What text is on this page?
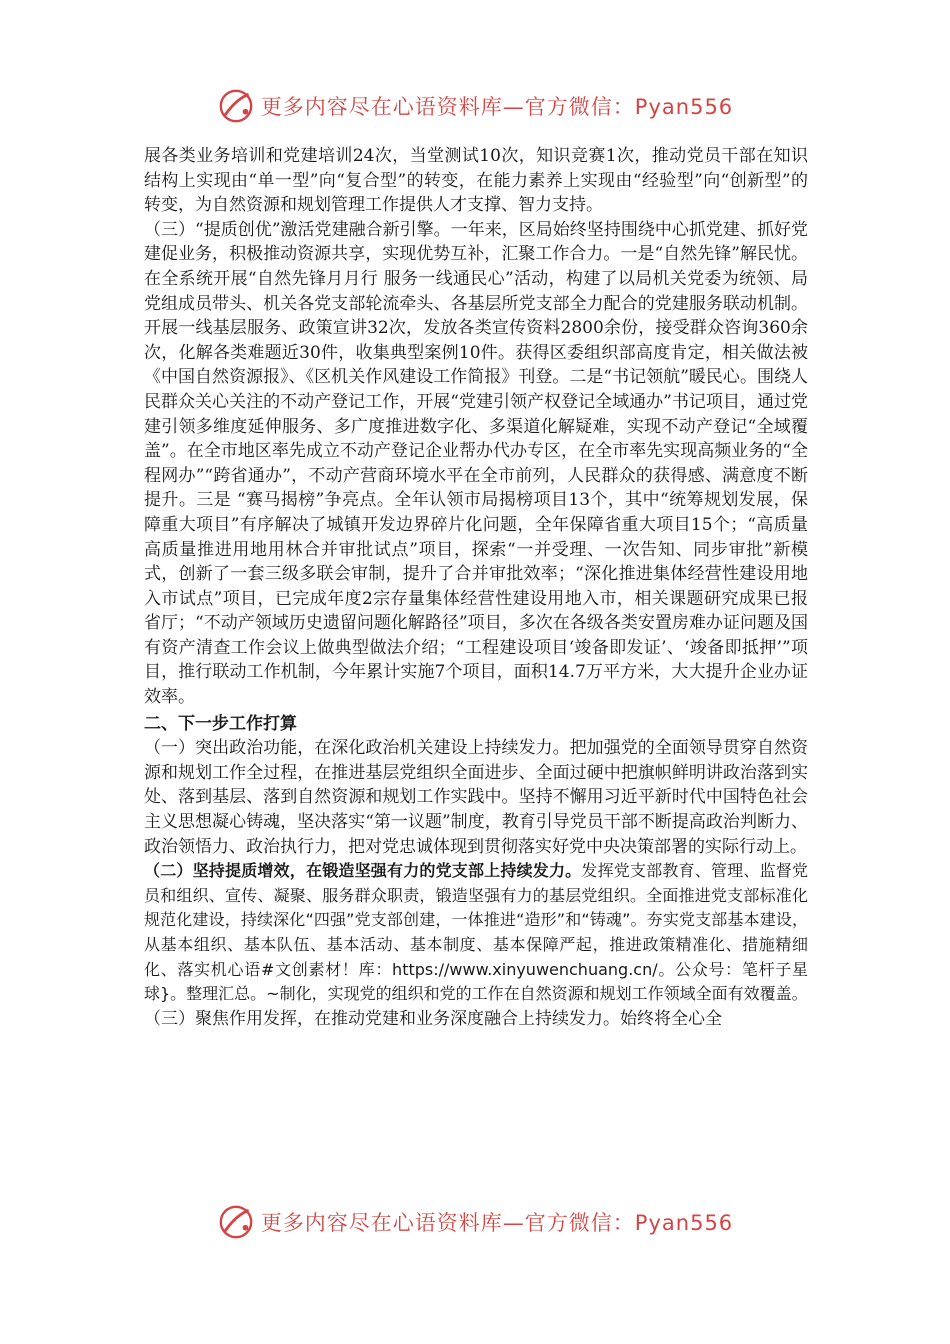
更多内容尽在心语资料库—官方微信：Pyan556

展各类业务培训和党建培训24次，当堂测试10次，知识竞赛1次，推动党员干部在知识结构上实现由“单一型”向“复合型”的转变，在能力素养上实现由“经验型”向“创新型”的转变，为自然资源和规划管理工作提供人才支撑、智力支持。

（三）“提质创优”激活党建融合新引擎。一年来，区局始终坚持围绕中心抓党建、抓好党建促业务，积极推动资源共享，实现优势互补，汇聚工作合力。一是“自然先锋”解民忧。在全系统开展“自然先锋月月行 服务一线通民心”活动，构建了以局机关党委为统领、局党组成员带头、机关各党支部轮流牵头、各基层所党支部全力配合的党建服务联动机制。开展一线基层服务、政策宣讲32次，发放各类宣传资料2800余份，接受群众咨询360余次，化解各类难题近30件，收集典型案例10件。获得区委组织部高度肯定，相关做法被《中国自然资源报》、《区机关作风建设工作简报》刊登。二是“书记领航”暖民心。围绕人民群众关心关注的不动产登记工作，开展“党建引领产权登记全域通办”书记项目，通过党建引领多维度延伸服务、多广度推进数字化、多渠道化解疑难，实现不动产登记“全域覆盖”。在全市地区率先成立不动产登记企业帮办代办专区，在全市率先实现高频业务的“全程网办”“跨省通办”，不动产营商环境水平在全市前列，人民群众的获得感、满意度不断提升。三是 “赛马揭榜”争亮点。全年认领市局揭榜项目13个，其中“统筹规划发展，保障重大项目”有序解决了城镇开发边界碎片化问题，全年保障省重大项目15个；“高质量高质量推进用地用林合并审批试点”项目，探索“一并受理、一次告知、同步审批”新模式，创新了一套三级多联会审制，提升了合并审批效率；“深化推进集体经营性建设用地入市试点”项目，已完成年度2宗存量集体经营性建设用地入市，相关课题研究成果已报省厅；“不动产领域历史遗留问题化解路径”项目，多次在各级各类安置房难办证问题及国有资产清查工作会议上做典型做法介绍；“工程建设项目‘竣备即发证’、‘竣备即抵押’”项目，推行联动工作机制，今年累计实施7个项目，面积14.7万平方米，大大提升企业办证效率。

二、下一步工作打算

（一）突出政治功能，在深化政治机关建设上持续发力。把加强党的全面领导贯穿自然资源和规划工作全过程，在推进基层党组织全面进步、全面过硬中把旗帜鲜明讲政治落到实处、落到基层、落到自然资源和规划工作实践中。坚持不懈用习近平新时代中国特色社会主义思想凝心铸魂，坚决落实“第一议题”制度，教育引导党员干部不断提高政治判断力、政治领悟力、政治执行力，把对党忠诚体现到贯彻落实好党中央决策部署的实际行动上。

（二）坚持提质增效，在锻造坚强有力的党支部上持续发力。发挥党支部教育、管理、监督党员和组织、宣传、凝聚、服务群众职责，锻造坚强有力的基层党组织。全面推进党支部标准化规范化建设，持续深化“四强”党支部创建，一体推进“造形”和“铸魂”。夯实党支部基本建设，从基本组织、基本队伍、基本活动、基本制度、基本保障严起，推进政策精准化、措施精细化、落实机心语#文创素材！库：https://www.xinyuwenchuang.cn/。公众号：笔杆子星球}。整理汇总。~制化，实现党的组织和党的工作在自然资源和规划工作领域全面有效覆盖。

（三）聚焦作用发挥，在推动党建和业务深度融合上持续发力。始终将全心全

更多内容尽在心语资料库—官方微信：Pyan556
